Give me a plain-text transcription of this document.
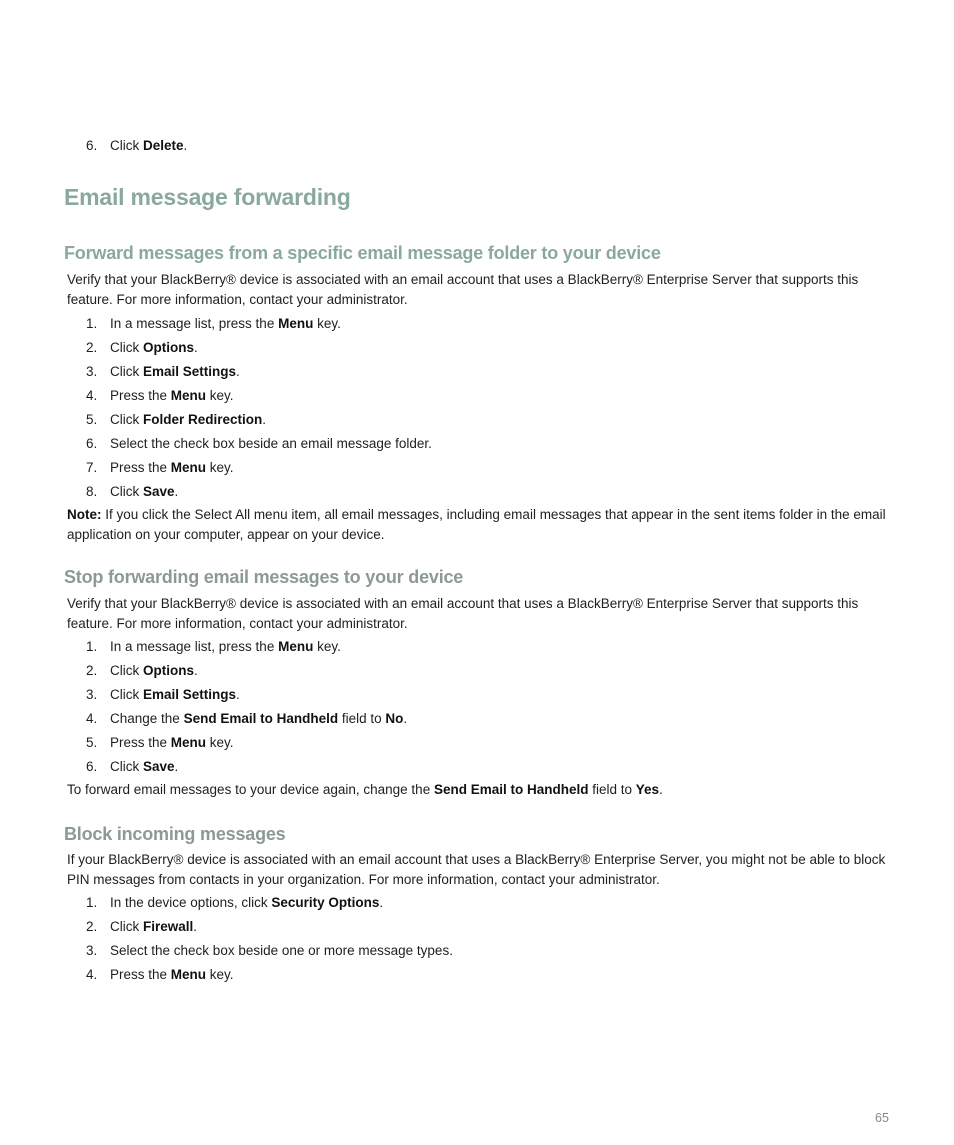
6. Click Delete.
Email message forwarding
Forward messages from a specific email message folder to your device
Verify that your BlackBerry® device is associated with an email account that uses a BlackBerry® Enterprise Server that supports this feature. For more information, contact your administrator.
1. In a message list, press the Menu key.
2. Click Options.
3. Click Email Settings.
4. Press the Menu key.
5. Click Folder Redirection.
6. Select the check box beside an email message folder.
7. Press the Menu key.
8. Click Save.
Note: If you click the Select All menu item, all email messages, including email messages that appear in the sent items folder in the email application on your computer, appear on your device.
Stop forwarding email messages to your device
Verify that your BlackBerry® device is associated with an email account that uses a BlackBerry® Enterprise Server that supports this feature. For more information, contact your administrator.
1. In a message list, press the Menu key.
2. Click Options.
3. Click Email Settings.
4. Change the Send Email to Handheld field to No.
5. Press the Menu key.
6. Click Save.
To forward email messages to your device again, change the Send Email to Handheld field to Yes.
Block incoming messages
If your BlackBerry® device is associated with an email account that uses a BlackBerry® Enterprise Server, you might not be able to block PIN messages from contacts in your organization. For more information, contact your administrator.
1. In the device options, click Security Options.
2. Click Firewall.
3. Select the check box beside one or more message types.
4. Press the Menu key.
65
